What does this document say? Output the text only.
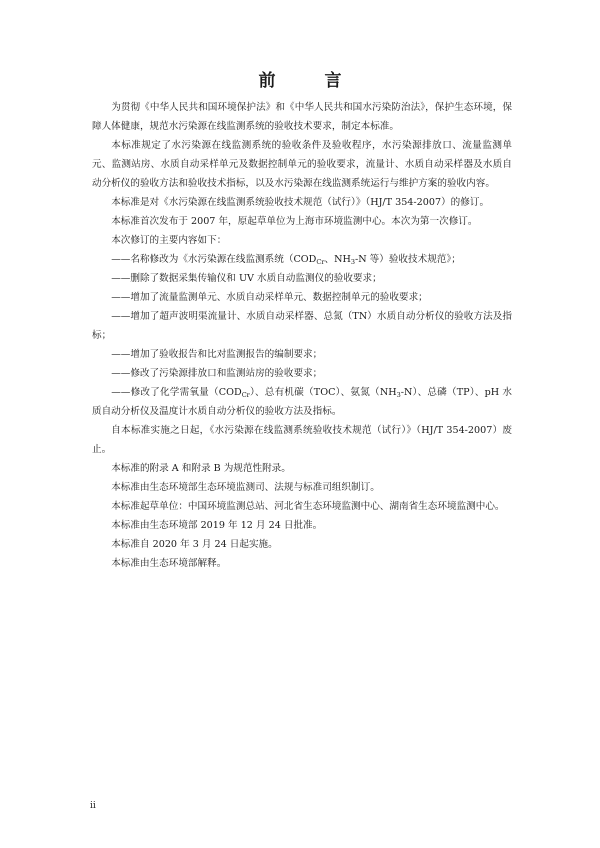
前　言

为贯彻《中华人民共和国环境保护法》和《中华人民共和国水污染防治法》，保护生态环境，保障人体健康，规范水污染源在线监测系统的验收技术要求，制定本标准。

本标准规定了水污染源在线监测系统的验收条件及验收程序，水污染源排放口、流量监测单元、监测站房、水质自动采样单元及数据控制单元的验收要求，流量计、水质自动采样器及水质自动分析仪的验收方法和验收技术指标，以及水污染源在线监测系统运行与维护方案的验收内容。

本标准是对《水污染源在线监测系统验收技术规范（试行）》（HJ/T 354-2007）的修订。

本标准首次发布于 2007 年，原起草单位为上海市环境监测中心。本次为第一次修订。

本次修订的主要内容如下：

——名称修改为《水污染源在线监测系统（$COD_{Cr}$、$NH_3-N$ 等）验收技术规范》；

——删除了数据采集传输仪和 UV 水质自动监测仪的验收要求；

——增加了流量监测单元、水质自动采样单元、数据控制单元的验收要求；

——增加了超声波明渠流量计、水质自动采样器、总氮（TN）水质自动分析仪的验收方法及指标；

——增加了验收报告和比对监测报告的编制要求；

——修改了污染源排放口和监测站房的验收要求；

——修改了化学需氧量$(COD_{Cr})$、总有机碳（TOC）、氨氮$(NH_3-N)$、总磷（TP）、pH 水质自动分析仪及温度计水质自动分析仪的验收方法及指标。

自本标准实施之日起，《水污染源在线监测系统验收技术规范（试行）》（HJ/T 354-2007）废止。

本标准的附录 A 和附录 B 为规范性附录。

本标准由生态环境部生态环境监测司、法规与标准司组织制订。

本标准起草单位：中国环境监测总站、河北省生态环境监测中心、湖南省生态环境监测中心。

本标准由生态环境部 2019 年 12 月 24 日批准。

本标准自 2020 年 3 月 24 日起实施。

本标准由生态环境部解释。

ii
